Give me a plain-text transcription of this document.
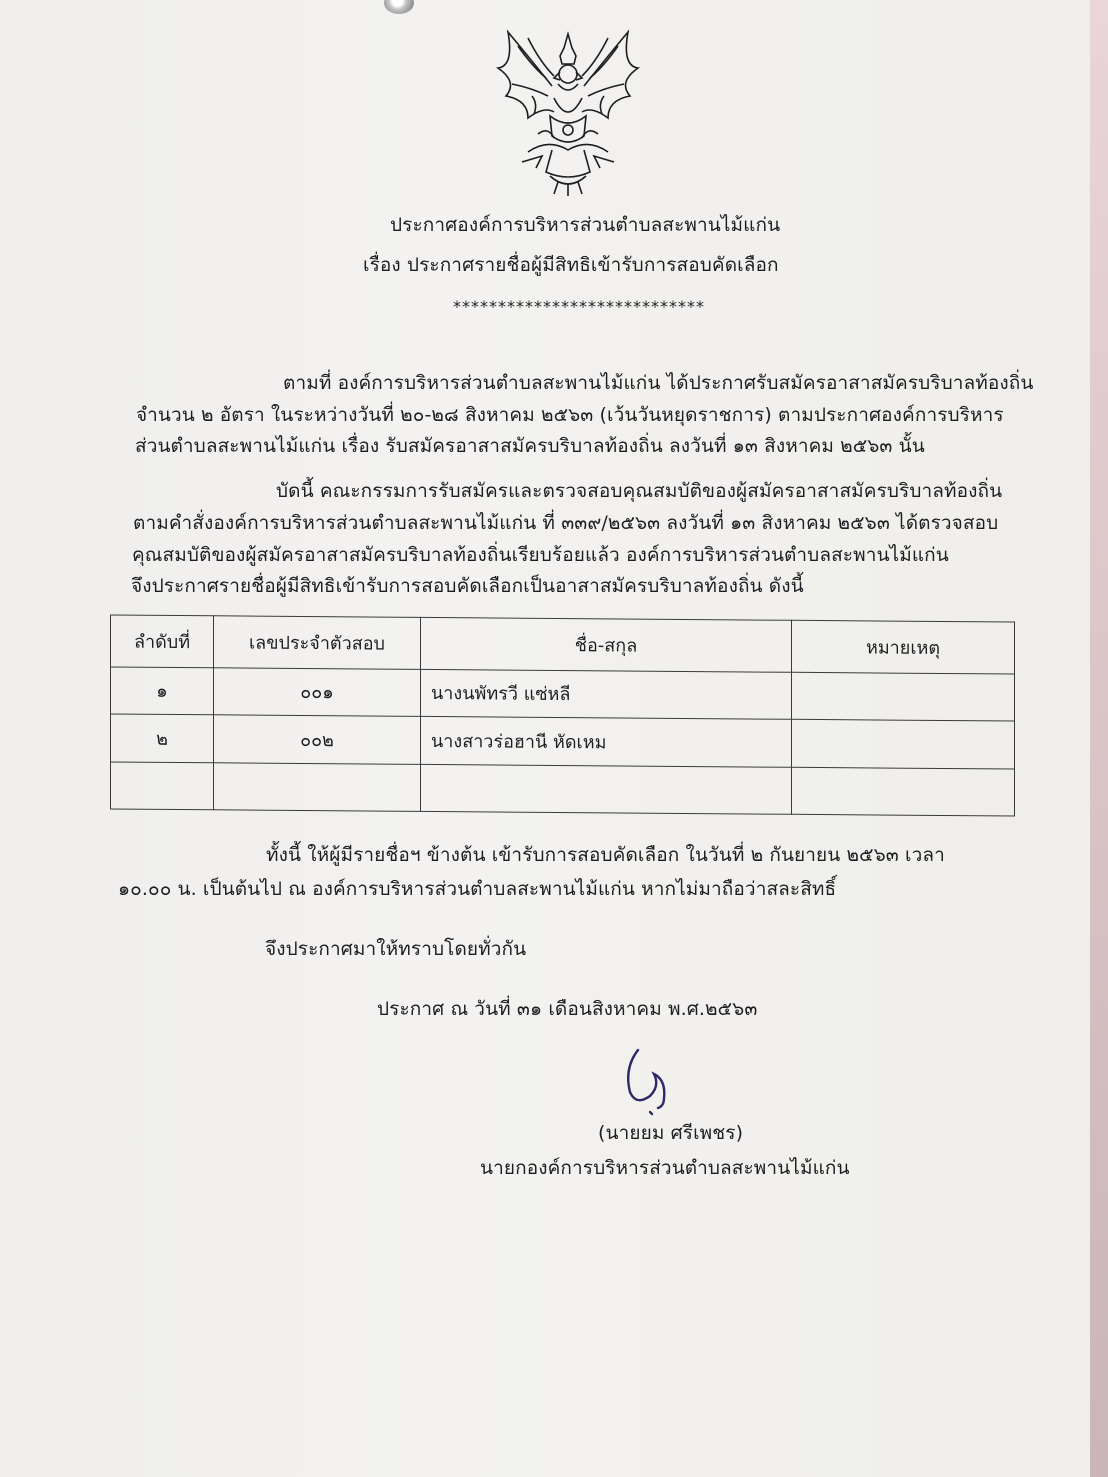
ประกาศองค์การบริหารส่วนตำบลสะพานไม้แก่น
เรื่อง ประกาศรายชื่อผู้มีสิทธิเข้ารับการสอบคัดเลือก
****************************
ตามที่ องค์การบริหารส่วนตำบลสะพานไม้แก่น ได้ประกาศรับสมัครอาสาสมัครบริบาลท้องถิ่น
จำนวน ๒ อัตรา ในระหว่างวันที่ ๒๐-๒๘ สิงหาคม ๒๕๖๓ (เว้นวันหยุดราชการ) ตามประกาศองค์การบริหาร
ส่วนตำบลสะพานไม้แก่น เรื่อง รับสมัครอาสาสมัครบริบาลท้องถิ่น ลงวันที่ ๑๓ สิงหาคม ๒๕๖๓ นั้น
บัดนี้ คณะกรรมการรับสมัครและตรวจสอบคุณสมบัติของผู้สมัครอาสาสมัครบริบาลท้องถิ่น
ตามคำสั่งองค์การบริหารส่วนตำบลสะพานไม้แก่น ที่ ๓๓๙/๒๕๖๓ ลงวันที่ ๑๓ สิงหาคม ๒๕๖๓ ได้ตรวจสอบ
คุณสมบัติของผู้สมัครอาสาสมัครบริบาลท้องถิ่นเรียบร้อยแล้ว องค์การบริหารส่วนตำบลสะพานไม้แก่น
จึงประกาศรายชื่อผู้มีสิทธิเข้ารับการสอบคัดเลือกเป็นอาสาสมัครบริบาลท้องถิ่น ดังนี้
ลำดับที่	เลขประจำตัวสอบ	ชื่อ-สกุล	หมายเหตุ
๑	๐๐๑	นางนพัทรวี แซ่หลี	
๒	๐๐๒	นางสาวร่อฮานี หัดเหม	

ทั้งนี้ ให้ผู้มีรายชื่อฯ ข้างต้น เข้ารับการสอบคัดเลือก ในวันที่ ๒ กันยายน ๒๕๖๓ เวลา
๑๐.๐๐ น. เป็นต้นไป ณ องค์การบริหารส่วนตำบลสะพานไม้แก่น หากไม่มาถือว่าสละสิทธิ์
จึงประกาศมาให้ทราบโดยทั่วกัน
ประกาศ ณ วันที่ ๓๑ เดือนสิงหาคม พ.ศ.๒๕๖๓
(นายยม ศรีเพชร)
นายกองค์การบริหารส่วนตำบลสะพานไม้แก่น
